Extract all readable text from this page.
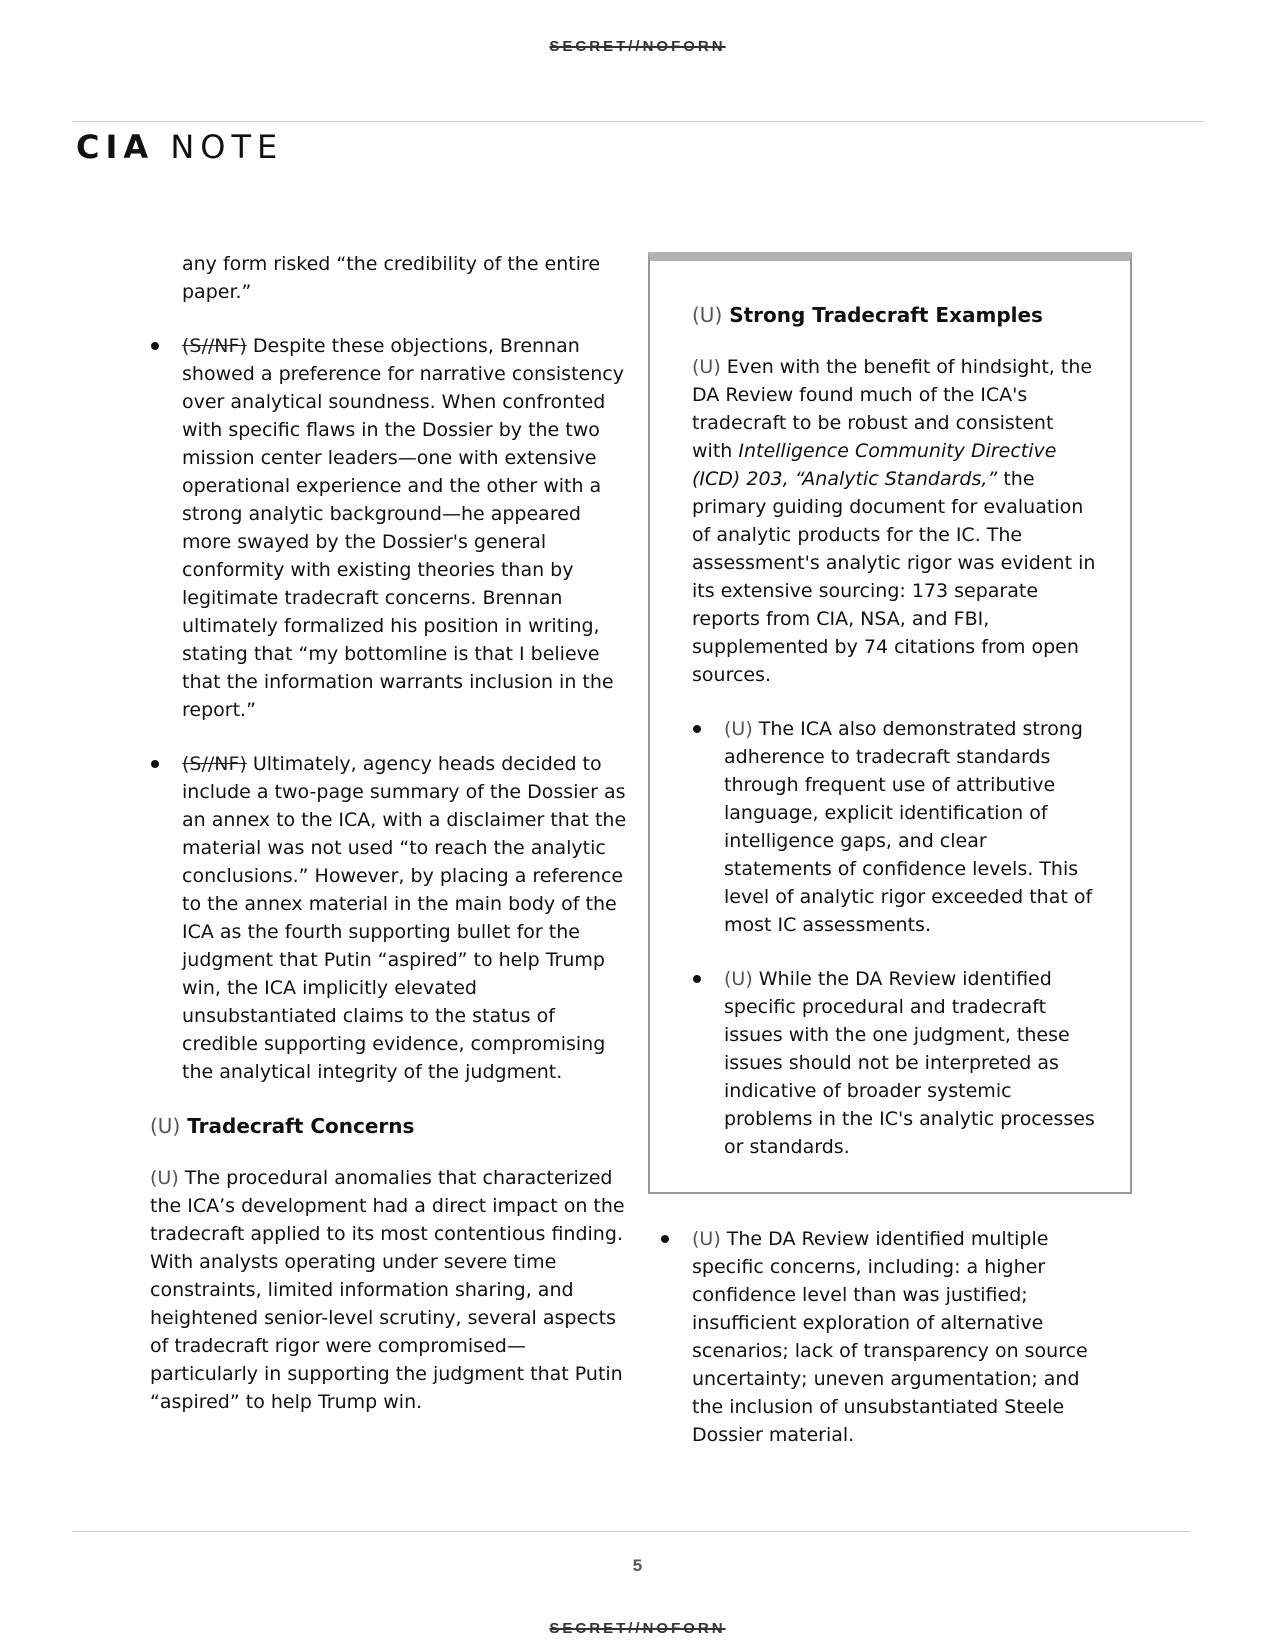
SECRET//NOFORN
CIA NOTE

any form risked “the credibility of the entire paper.”

(S//NF) Despite these objections, Brennan showed a preference for narrative consistency over analytical soundness. When confronted with specific flaws in the Dossier by the two mission center leaders—one with extensive operational experience and the other with a strong analytic background—he appeared more swayed by the Dossier's general conformity with existing theories than by legitimate tradecraft concerns. Brennan ultimately formalized his position in writing, stating that “my bottomline is that I believe that the information warrants inclusion in the report.”
(S//NF) Ultimately, agency heads decided to include a two-page summary of the Dossier as an annex to the ICA, with a disclaimer that the material was not used “to reach the analytic conclusions.” However, by placing a reference to the annex material in the main body of the ICA as the fourth supporting bullet for the judgment that Putin “aspired” to help Trump win, the ICA implicitly elevated unsubstantiated claims to the status of credible supporting evidence, compromising the analytical integrity of the judgment.
(U) Tradecraft Concerns

(U) The procedural anomalies that characterized the ICA’s development had a direct impact on the tradecraft applied to its most contentious finding. With analysts operating under severe time constraints, limited information sharing, and heightened senior-level scrutiny, several aspects of tradecraft rigor were compromised—particularly in supporting the judgment that Putin “aspired” to help Trump win.

(U) Strong Tradecraft Examples

(U) Even with the benefit of hindsight, the DA Review found much of the ICA's tradecraft to be robust and consistent with Intelligence Community Directive (ICD) 203, “Analytic Standards,” the primary guiding document for evaluation of analytic products for the IC. The assessment's analytic rigor was evident in its extensive sourcing: 173 separate reports from CIA, NSA, and FBI, supplemented by 74 citations from open sources.

(U) The ICA also demonstrated strong adherence to tradecraft standards through frequent use of attributive language, explicit identification of intelligence gaps, and clear statements of confidence levels. This level of analytic rigor exceeded that of most IC assessments.
(U) While the DA Review identified specific procedural and tradecraft issues with the one judgment, these issues should not be interpreted as indicative of broader systemic problems in the IC's analytic processes or standards.
(U) The DA Review identified multiple specific concerns, including: a higher confidence level than was justified; insufficient exploration of alternative scenarios; lack of transparency on source uncertainty; uneven argumentation; and the inclusion of unsubstantiated Steele Dossier material.
5
SECRET//NOFORN
